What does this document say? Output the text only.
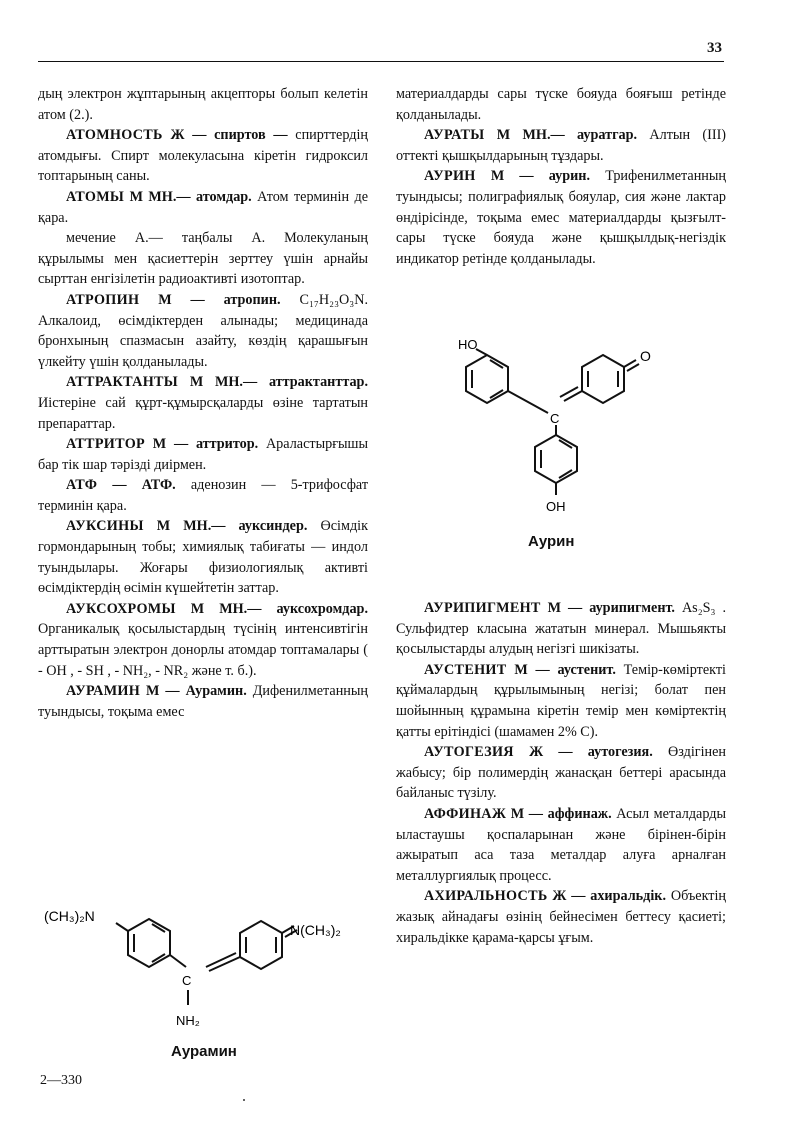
33

дың электрон жұптарының акцепторы болып келетін атом (2.).

АТОМНОСТЬ Ж — спиртов — спирттердің атомдығы. Спирт молекуласына кіретін гидроксил топтарының саны.

АТОМЫ М МН.— атомдар. Атом терминін де қара.

мечение А.— таңбалы А. Молекуланың құрылымы мен қасиеттерін зерттеу үшін арнайы сырттан енгізілетін радиоактивті изотоптар.

АТРОПИН М — атропин. C₁₇H₂₃O₃N. Алкалоид, өсімдіктерден алынады; медицинада бронхының спазмасын азайту, көздің қарашығын үлкейту үшін қолданылады.

АТТРАКТАНТЫ М МН.— аттрактанттар. Иістеріне сай құрт-құмырсқаларды өзіне тартатын препараттар.

АТТРИТОР М — аттритор. Араластырғышы бар тік шар тәрізді диірмен.

АТФ — АТФ. аденозин — 5-трифосфат терминін қара.

АУКСИНЫ М МН.— ауксиндер. Өсімдік гормондарының тобы; химиялық табиғаты — индол туындылары. Жоғары физиологиялық активті өсімдіктердің өсімін күшейтетін заттар.

АУКСОХРОМЫ М МН.— ауксохромдар. Органикалық қосылыстардың түсінің интенсивтігін арттыратын электрон донорлы атомдар топтамалары ( - OH , - SH , - NH₂, - NR₂ және т. б.).

АУРАМИН М — Аурамин. Дифенилметанның туындысы, тоқыма емес

материалдарды сары түске бояуда бояғыш ретінде қолданылады.

АУРАТЫ М МН.— ауратгар. Алтын (III) оттекті қышқылдарының тұздары.

АУРИН М — аурин. Трифенилметанның туындысы; полиграфиялық бояулар, сия және лактар өндірісінде, тоқыма емес материалдарды қызғылт-сары түске бояуда және қышқылдық-негіздік индикатор ретінде қолданылады.

АУРИПИГМЕНТ М — аурипигмент. As₂S₃ . Сульфидтер класына жататын минерал. Мышьякты қосылыстарды алудың негізгі шикізаты.

АУСТЕНИТ М — аустенит. Темір-көміртекті құймалардың құрылымының негізі; болат пен шойынның құрамына кіретін темір мен көміртектің қатты ерітіндісі (шамамен 2% С).

АУТОГЕЗИЯ Ж — аутогезия. Өздігінен жабысу; бір полимердің жанасқан беттері арасында байланыс түзілу.

АФФИНАЖ М — аффинаж. Асыл металдарды ыластаушы қоспаларынан және бірінен-бірін ажыратып аса таза металдар алуға арналған металлургиялық процесс.

АХИРАЛЬНОСТЬ Ж — ахиральдік. Объектің жазық айнадағы өзінің бейнесімен беттесу қасиеті; хиральдікке қарама-қарсы ұғым.

HO
O
C
OH
Аурин
(CH₃)₂N
N(CH₃)₂
C
NH₂
Аурамин
2—330
